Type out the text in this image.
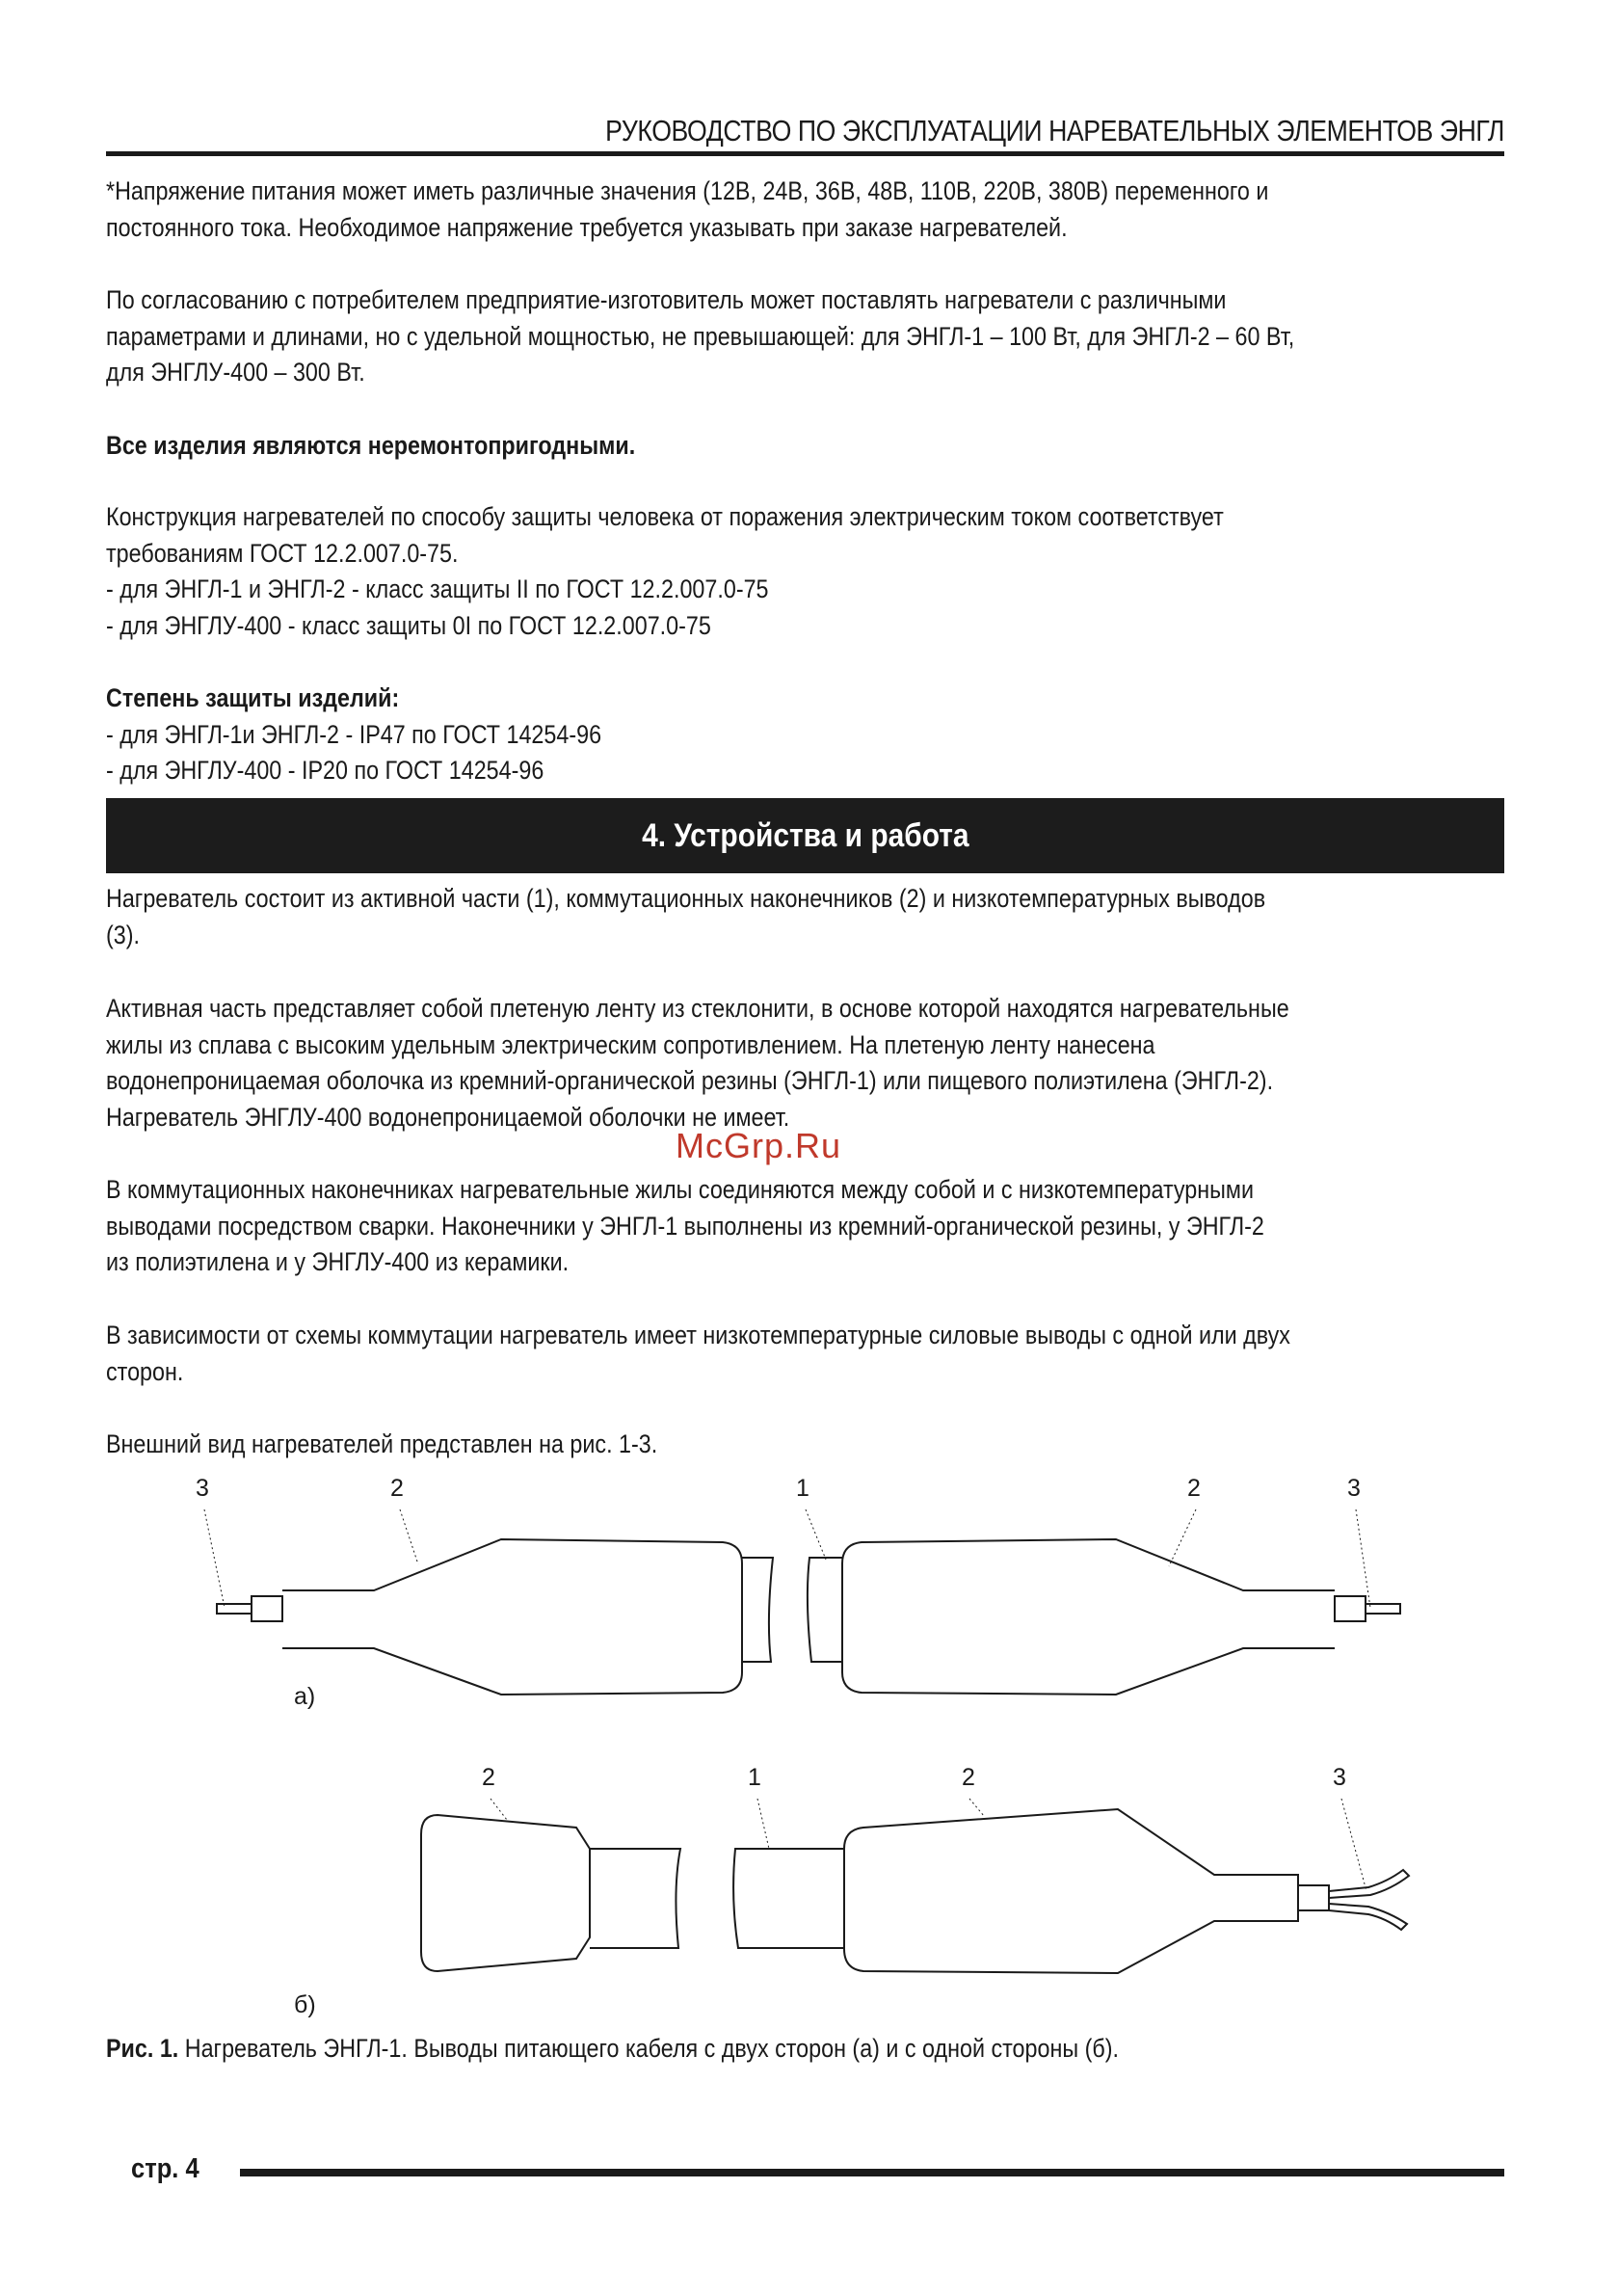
РУКОВОДСТВО ПО ЭКСПЛУАТАЦИИ НАРЕВАТЕЛЬНЫХ ЭЛЕМЕНТОВ ЭНГЛ
*Напряжение питания может иметь различные значения (12В, 24В, 36В, 48В, 110В, 220В, 380В) переменного и
постоянного тока. Необходимое напряжение требуется указывать при заказе нагревателей.
По согласованию с потребителем предприятие-изготовитель может поставлять нагреватели с различными
параметрами и длинами, но с удельной мощностью, не превышающей: для ЭНГЛ-1 – 100 Вт, для ЭНГЛ-2 – 60 Вт,
для ЭНГЛУ-400 – 300 Вт.
Все изделия являются неремонтопригодными.
Конструкция нагревателей по способу защиты человека от поражения электрическим током соответствует
требованиям ГОСТ 12.2.007.0-75.
- для ЭНГЛ-1 и ЭНГЛ-2 - класс защиты II по ГОСТ 12.2.007.0-75
- для ЭНГЛУ-400 - класс защиты 0I по ГОСТ 12.2.007.0-75
Степень защиты изделий:
- для ЭНГЛ-1и ЭНГЛ-2 - IP47 по ГОСТ 14254-96
- для ЭНГЛУ-400 - IP20 по ГОСТ 14254-96
4. Устройства и работа
Нагреватель состоит из активной части (1), коммутационных наконечников (2) и низкотемпературных выводов
(3).
Активная часть представляет собой плетеную ленту из стеклонити, в основе которой находятся нагревательные
жилы из сплава с высоким удельным электрическим сопротивлением. На плетеную ленту нанесена
водонепроницаемая оболочка из кремний-органической резины (ЭНГЛ-1) или пищевого полиэтилена (ЭНГЛ-2).
Нагреватель ЭНГЛУ-400 водонепроницаемой оболочки не имеет.
McGrp.Ru
В коммутационных наконечниках нагревательные жилы соединяются между собой и с низкотемпературными
выводами посредством сварки. Наконечники у ЭНГЛ-1 выполнены из кремний-органической резины, у ЭНГЛ-2
из полиэтилена и у ЭНГЛУ-400 из керамики.
В зависимости от схемы коммутации нагреватель имеет низкотемпературные силовые выводы с одной или двух
сторон.
Внешний вид нагревателей представлен на рис. 1-3.
3	2	1	2	3
а)
2	1	2	3
б)
Рис. 1. Нагреватель ЭНГЛ-1. Выводы питающего кабеля с двух сторон (а) и с одной стороны (б).
стр. 4
